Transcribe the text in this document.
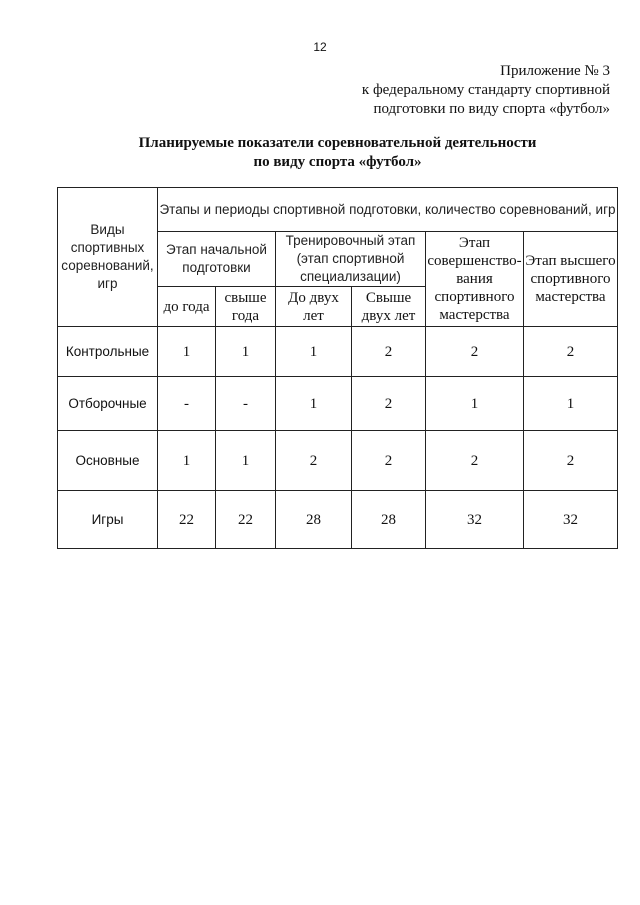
12
Приложение № 3
к федеральному стандарту спортивной
подготовки по виду спорта «футбол»
Планируемые показатели соревновательной деятельности
по виду спорта «футбол»
Виды спортивных соревнований, игр	Этапы и периоды спортивной подготовки, количество соревнований, игр					
	Этап начальной подготовки		Тренировочный этап (этап спортивной специализации)		Этап совершенство-вания спортивного мастерства	Этап высшего спортивного мастерства
	до года	свыше года	До двух лет	Свыше двух лет		
Контрольные	1	1	1	2	2	2
Отборочные	-	-	1	2	1	1
Основные	1	1	2	2	2	2
Игры	22	22	28	28	32	32
